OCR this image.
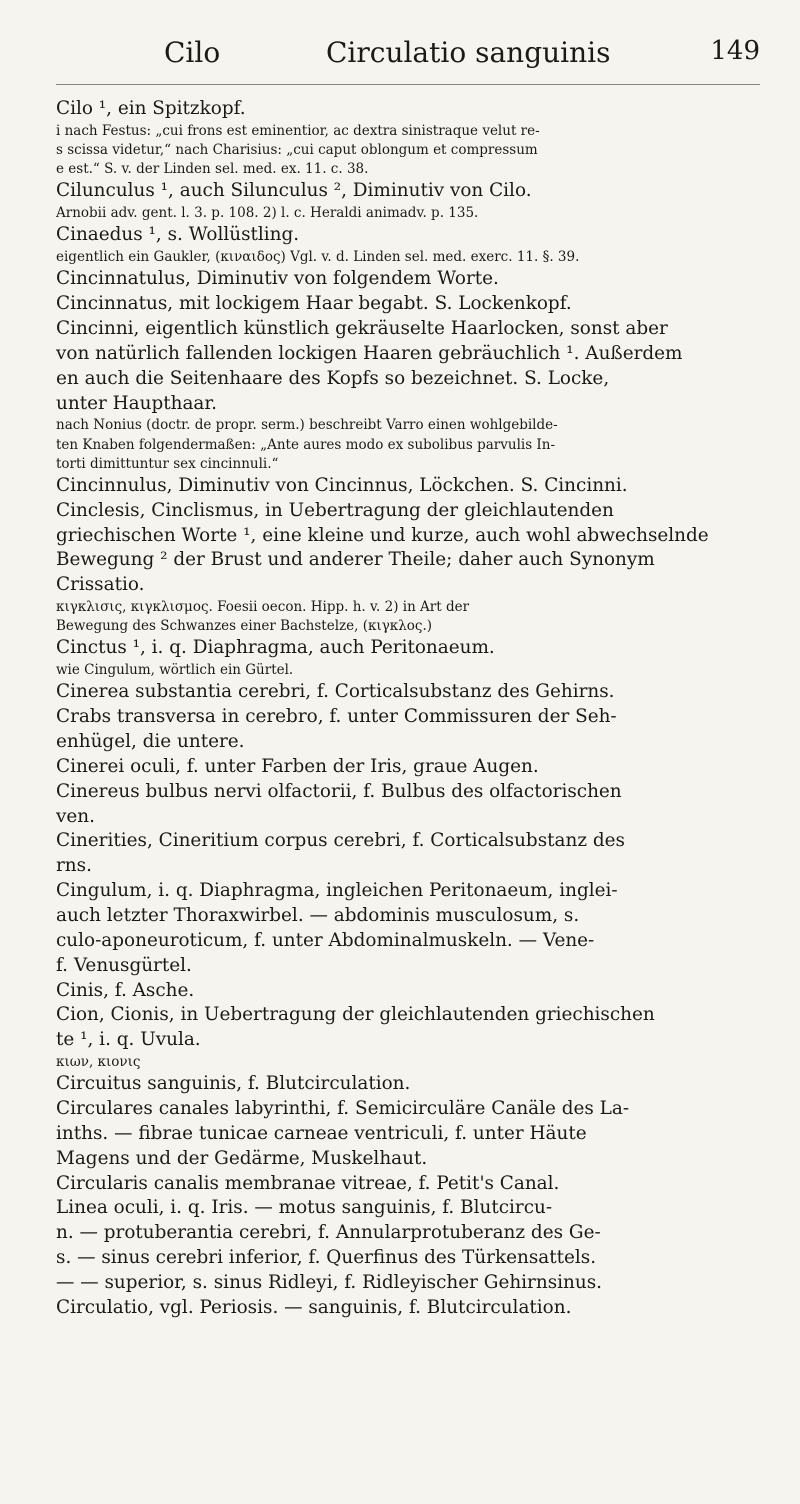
Cilo	Circulatio sanguinis	149

Cilo ¹, ein Spitzkopf.

i nach Festus: „cui frons est eminentior, ac dextra sinistraque velut re-

s scissa videtur,“ nach Charisius: „cui caput oblongum et compressum

e est.“ S. v. der Linden sel. med. ex. 11. c. 38.

Cilunculus ¹, auch Silunculus ², Diminutiv von Cilo.

Arnobii adv. gent. l. 3. p. 108. 2) l. c. Heraldi animadv. p. 135.

Cinaedus ¹, s. Wollüstling.

eigentlich ein Gaukler, (κιναιδος) Vgl. v. d. Linden sel. med. exerc. 11. §. 39.

Cincinnatulus, Diminutiv von folgendem Worte.

Cincinnatus, mit lockigem Haar begabt. S. Lockenkopf.

Cincinni, eigentlich künstlich gekräuselte Haarlocken, sonst aber

von natürlich fallenden lockigen Haaren gebräuchlich ¹. Außerdem

en auch die Seitenhaare des Kopfs so bezeichnet. S. Locke,

unter Haupthaar.

nach Nonius (doctr. de propr. serm.) beschreibt Varro einen wohlgebilde-

ten Knaben folgendermaßen: „Ante aures modo ex subolibus parvulis In-

torti dimittuntur sex cincinnuli.“

Cincinnulus, Diminutiv von Cincinnus, Löckchen. S. Cincinni.

Cinclesis, Cinclismus, in Uebertragung der gleichlautenden

griechischen Worte ¹, eine kleine und kurze, auch wohl abwechselnde

Bewegung ² der Brust und anderer Theile; daher auch Synonym

Crissatio.

κιγκλισις, κιγκλισμος. Foesii oecon. Hipp. h. v. 2) in Art der

Bewegung des Schwanzes einer Bachstelze, (κιγκλος.)

Cinctus ¹, i. q. Diaphragma, auch Peritonaeum.

wie Cingulum, wörtlich ein Gürtel.

Cinerea substantia cerebri, f. Corticalsubstanz des Gehirns.

Crabs transversa in cerebro, f. unter Commissuren der Seh-

enhügel, die untere.

Cinerei oculi, f. unter Farben der Iris, graue Augen.

Cinereus bulbus nervi olfactorii, f. Bulbus des olfactorischen

ven.

Cinerities, Cineritium corpus cerebri, f. Corticalsubstanz des

rns.

Cingulum, i. q. Diaphragma, ingleichen Peritonaeum, inglei-

auch letzter Thoraxwirbel. — abdominis musculosum, s.

culo-aponeuroticum, f. unter Abdominalmuskeln. — Vene-

f. Venusgürtel.

Cinis, f. Asche.

Cion, Cionis, in Uebertragung der gleichlautenden griechischen

te ¹, i. q. Uvula.

κιων, κιονις

Circuitus sanguinis, f. Blutcirculation.

Circulares canales labyrinthi, f. Semicirculäre Canäle des La-

inths. — fibrae tunicae carneae ventriculi, f. unter Häute

Magens und der Gedärme, Muskelhaut.

Circularis canalis membranae vitreae, f. Petit's Canal.

Linea oculi, i. q. Iris. — motus sanguinis, f. Blutcircu-

n. — protuberantia cerebri, f. Annularprotuberanz des Ge-

s. — sinus cerebri inferior, f. Querfinus des Türkensattels.

— — superior, s. sinus Ridleyi, f. Ridleyischer Gehirnsinus.

Circulatio, vgl. Periosis. — sanguinis, f. Blutcirculation.
